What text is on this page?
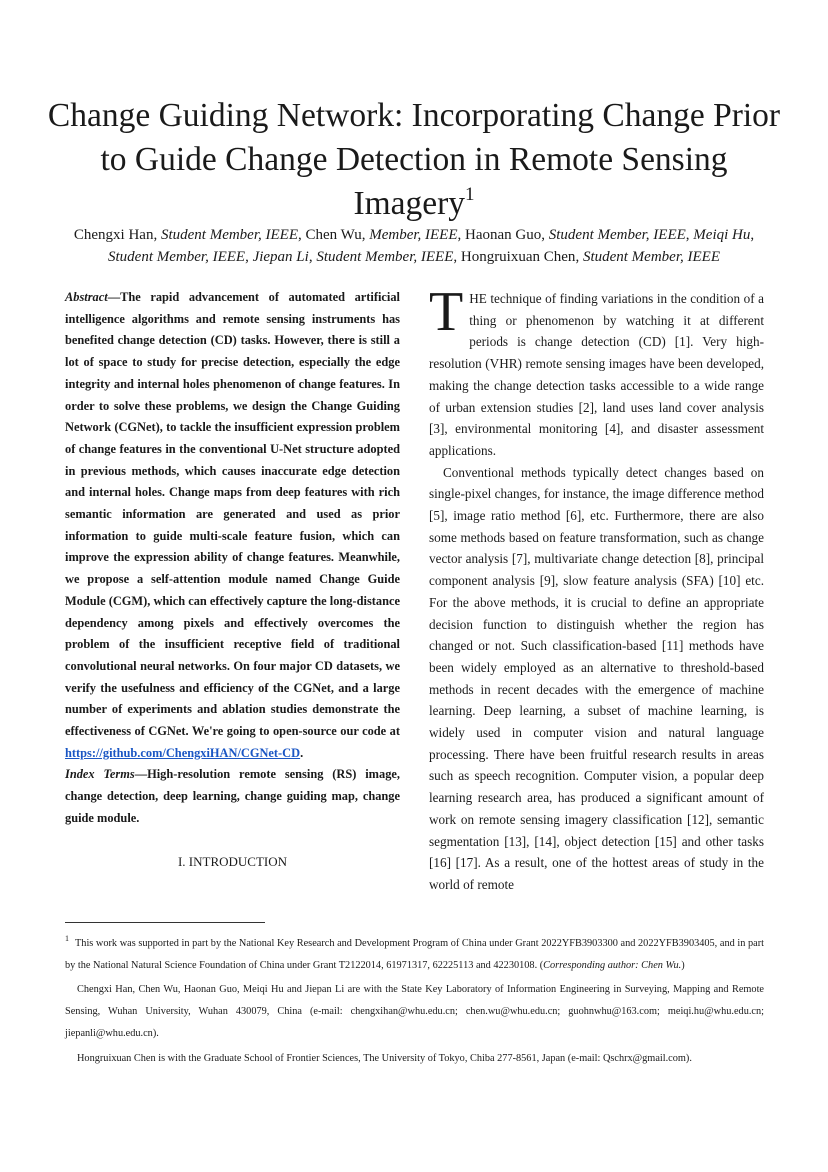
Change Guiding Network: Incorporating Change Prior to Guide Change Detection in Remote Sensing Imagery$^1$
Chengxi Han, Student Member, IEEE, Chen Wu, Member, IEEE, Haonan Guo, Student Member, IEEE, Meiqi Hu, Student Member, IEEE, Jiepan Li, Student Member, IEEE, Hongruixuan Chen, Student Member, IEEE

Abstract—The rapid advancement of automated artificial intelligence algorithms and remote sensing instruments has benefited change detection (CD) tasks. However, there is still a lot of space to study for precise detection, especially the edge integrity and internal holes phenomenon of change features. In order to solve these problems, we design the Change Guiding Network (CGNet), to tackle the insufficient expression problem of change features in the conventional U-Net structure adopted in previous methods, which causes inaccurate edge detection and internal holes. Change maps from deep features with rich semantic information are generated and used as prior information to guide multi-scale feature fusion, which can improve the expression ability of change features. Meanwhile, we propose a self-attention module named Change Guide Module (CGM), which can effectively capture the long-distance dependency among pixels and effectively overcomes the problem of the insufficient receptive field of traditional convolutional neural networks. On four major CD datasets, we verify the usefulness and efficiency of the CGNet, and a large number of experiments and ablation studies demonstrate the effectiveness of CGNet. We're going to open-source our code at https://github.com/ChengxiHAN/CGNet-CD.

Index Terms—High-resolution remote sensing (RS) image, change detection, deep learning, change guiding map, change guide module.

I. INTRODUCTION

THE technique of finding variations in the condition of a thing or phenomenon by watching it at different periods is change detection (CD) [1]. Very high-resolution (VHR) remote sensing images have been developed, making the change detection tasks accessible to a wide range of urban extension studies [2], land uses land cover analysis [3], environmental monitoring [4], and disaster assessment applications.

Conventional methods typically detect changes based on single-pixel changes, for instance, the image difference method [5], image ratio method [6], etc. Furthermore, there are also some methods based on feature transformation, such as change vector analysis [7], multivariate change detection [8], principal component analysis [9], slow feature analysis (SFA) [10] etc. For the above methods, it is crucial to define an appropriate decision function to distinguish whether the region has changed or not. Such classification-based [11] methods have been widely employed as an alternative to threshold-based methods in recent decades with the emergence of machine learning. Deep learning, a subset of machine learning, is widely used in computer vision and natural language processing. There have been fruitful research results in areas such as speech recognition. Computer vision, a popular deep learning research area, has produced a significant amount of work on remote sensing imagery classification [12], semantic segmentation [13], [14], object detection [15] and other tasks [16] [17]. As a result, one of the hottest areas of study in the world of remote

$^1$ This work was supported in part by the National Key Research and Development Program of China under Grant 2022YFB3903300 and 2022YFB3903405, and in part by the National Natural Science Foundation of China under Grant T2122014, 61971317, 62225113 and 42230108. (Corresponding author: Chen Wu.)

Chengxi Han, Chen Wu, Haonan Guo, Meiqi Hu and Jiepan Li are with the State Key Laboratory of Information Engineering in Surveying, Mapping and Remote Sensing, Wuhan University, Wuhan 430079, China (e-mail: chengxihan@whu.edu.cn; chen.wu@whu.edu.cn; guohnwhu@163.com; meiqi.hu@whu.edu.cn; jiepanli@whu.edu.cn).

Hongruixuan Chen is with the Graduate School of Frontier Sciences, The University of Tokyo, Chiba 277-8561, Japan (e-mail: Qschrx@gmail.com).
